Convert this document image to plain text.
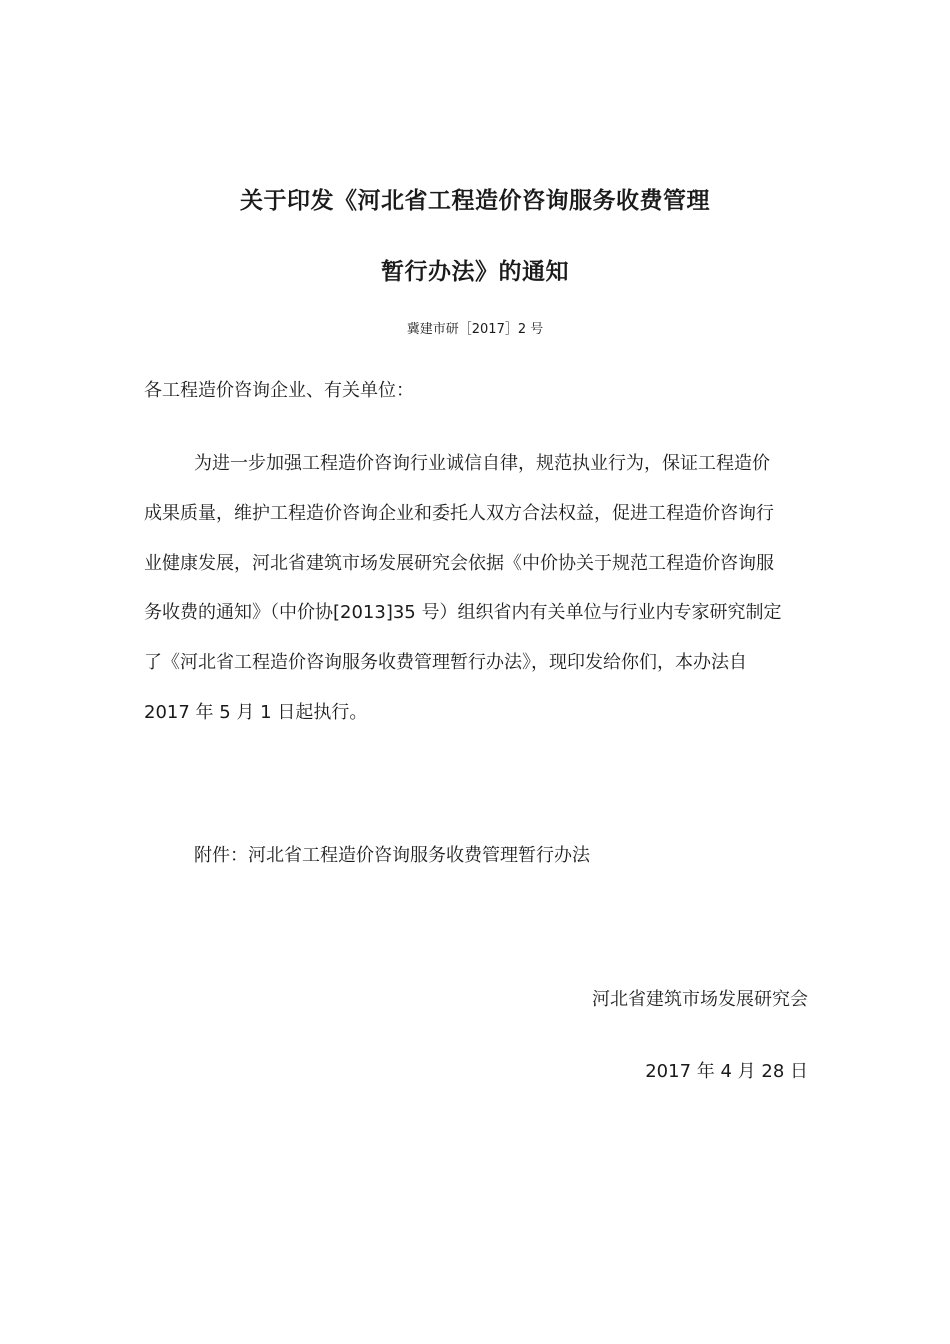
关于印发《河北省工程造价咨询服务收费管理
暂行办法》的通知
冀建市研［2017］2 号
各工程造价咨询企业、有关单位：
为进一步加强工程造价咨询行业诚信自律，规范执业行为，保证工程造价
成果质量，维护工程造价咨询企业和委托人双方合法权益，促进工程造价咨询行
业健康发展，河北省建筑市场发展研究会依据《中价协关于规范工程造价咨询服
务收费的通知》（中价协[2013]35 号）组织省内有关单位与行业内专家研究制定
了《河北省工程造价咨询服务收费管理暂行办法》，现印发给你们，本办法自
2017 年 5 月 1 日起执行。
附件：河北省工程造价咨询服务收费管理暂行办法
河北省建筑市场发展研究会
2017 年 4 月 28 日
